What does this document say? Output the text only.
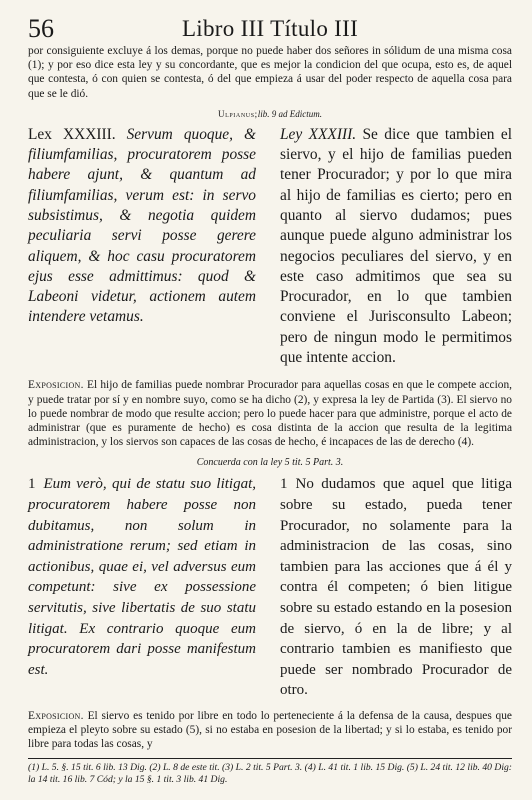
56	Libro III Título III

por consiguiente excluye á los demas, porque no puede haber dos señores in sólidum de una misma cosa (1); y por eso dice esta ley y su concordante, que es mejor la condicion del que ocupa, esto es, de aquel que contesta, ó con quien se contesta, ó del que empieza á usar del poder respecto de aquella cosa para que se le dió.

Ulpianus;lib. 9 ad Edictum.

Lex XXXIII. Servum quoque, & filiumfamilias, procuratorem posse habere ajunt, & quantum ad filiumfamilias, verum est: in servo subsistimus, & negotia quidem peculiaria servi posse gerere aliquem, & hoc casu procuratorem ejus esse admittimus: quod & Labeoni videtur, actionem autem intendere vetamus.

Ley XXXIII. Se dice que tambien el siervo, y el hijo de familias pueden tener Procurador; y por lo que mira al hijo de familias es cierto; pero en quanto al siervo dudamos; pues aunque puede alguno administrar los negocios peculiares del siervo, y en este caso admitimos que sea su Procurador, en lo que tambien conviene el Jurisconsulto Labeon; pero de ningun modo le permitimos que intente accion.

Exposicion. El hijo de familias puede nombrar Procurador para aquellas cosas en que le compete accion, y puede tratar por sí y en nombre suyo, como se ha dicho (2), y expresa la ley de Partida (3). El siervo no lo puede nombrar de modo que resulte accion; pero lo puede hacer para que administre, porque el acto de administrar (que es puramente de hecho) es cosa distinta de la accion que resulta de la legitima administracion, y los siervos son capaces de las cosas de hecho, é incapaces de las de derecho (4).

Concuerda con la ley 5 tit. 5 Part. 3.

1 Eum verò, qui de statu suo litigat, procuratorem habere posse non dubitamus, non solum in administratione rerum; sed etiam in actionibus, quae ei, vel adversus eum competunt: sive ex possessione servitutis, sive libertatis de suo statu litigat. Ex contrario quoque eum procuratorem dari posse manifestum est.

1 No dudamos que aquel que litiga sobre su estado, pueda tener Procurador, no solamente para la administracion de las cosas, sino tambien para las acciones que á él y contra él competen; ó bien litigue sobre su estado estando en la posesion de siervo, ó en la de libre; y al contrario tambien es manifiesto que puede ser nombrado Procurador de otro.

Exposicion. El siervo es tenido por libre en todo lo perteneciente á la defensa de la causa, despues que empieza el pleyto sobre su estado (5), si no estaba en posesion de la libertad; y si lo estaba, es tenido por libre para todas las cosas, y

(1) L. 5. §. 15 tit. 6 lib. 13 Dig. (2) L. 8 de este tit. (3) L. 2 tit. 5 Part. 3. (4) L. 41 tit. 1 lib. 15 Dig. (5) L. 24 tit. 12 lib. 40 Dig: la 14 tit. 16 lib. 7 Cód; y la 15 §. 1 tit. 3 lib. 41 Dig.
